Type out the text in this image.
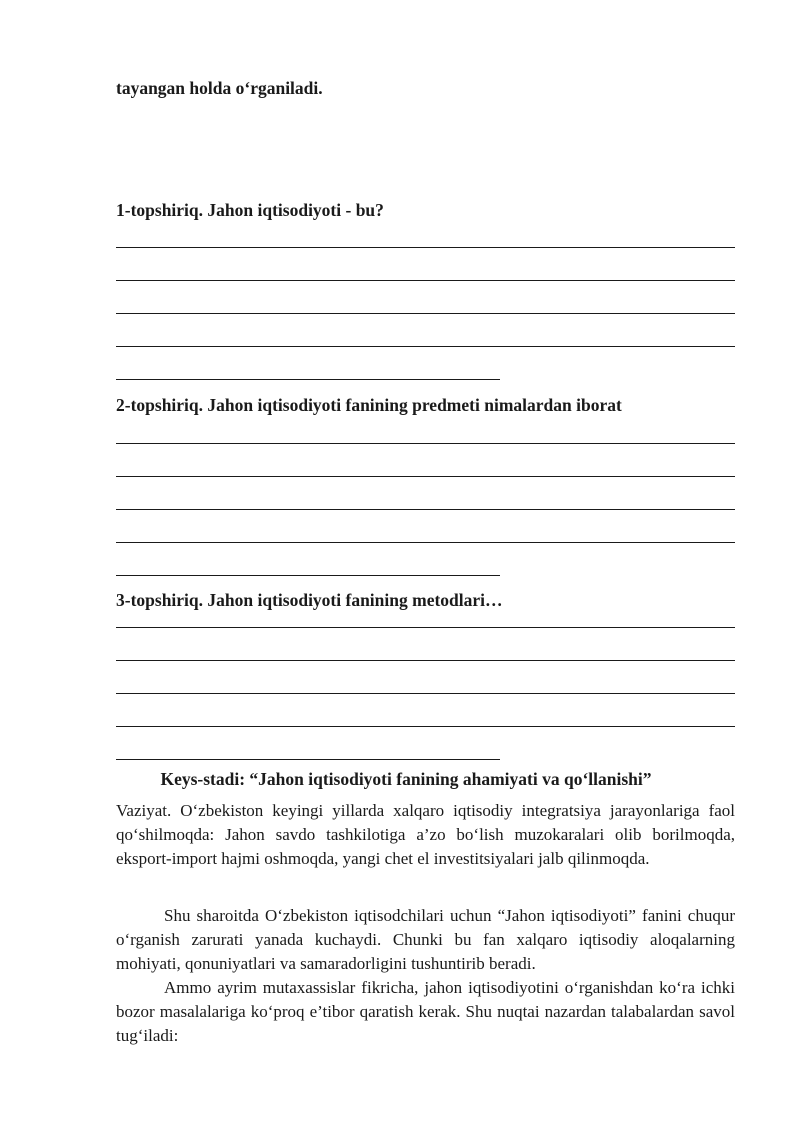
tayangan holda o‘rganiladi.
1-topshiriq. Jahon iqtisodiyoti - bu?
2-topshiriq. Jahon iqtisodiyoti fanining predmeti nimalardan iborat
3-topshiriq. Jahon iqtisodiyoti fanining metodlari…
Keys-stadi: “Jahon iqtisodiyoti fanining ahamiyati va qo‘llanishi”
Vaziyat. O‘zbekiston keyingi yillarda xalqaro iqtisodiy integratsiya jarayonlariga faol qo‘shilmoqda: Jahon savdo tashkilotiga a’zo bo‘lish muzokaralari olib borilmoqda, eksport-import hajmi oshmoqda, yangi chet el investitsiyalari jalb qilinmoqda.
Shu sharoitda O‘zbekiston iqtisodchilari uchun “Jahon iqtisodiyoti” fanini chuqur o‘rganish zarurati yanada kuchaydi. Chunki bu fan xalqaro iqtisodiy aloqalarning mohiyati, qonuniyatlari va samaradorligini tushuntirib beradi.
Ammo ayrim mutaxassislar fikricha, jahon iqtisodiyotini o‘rganishdan ko‘ra ichki bozor masalalariga ko‘proq e’tibor qaratish kerak. Shu nuqtai nazardan talabalardan savol tug‘iladi:
